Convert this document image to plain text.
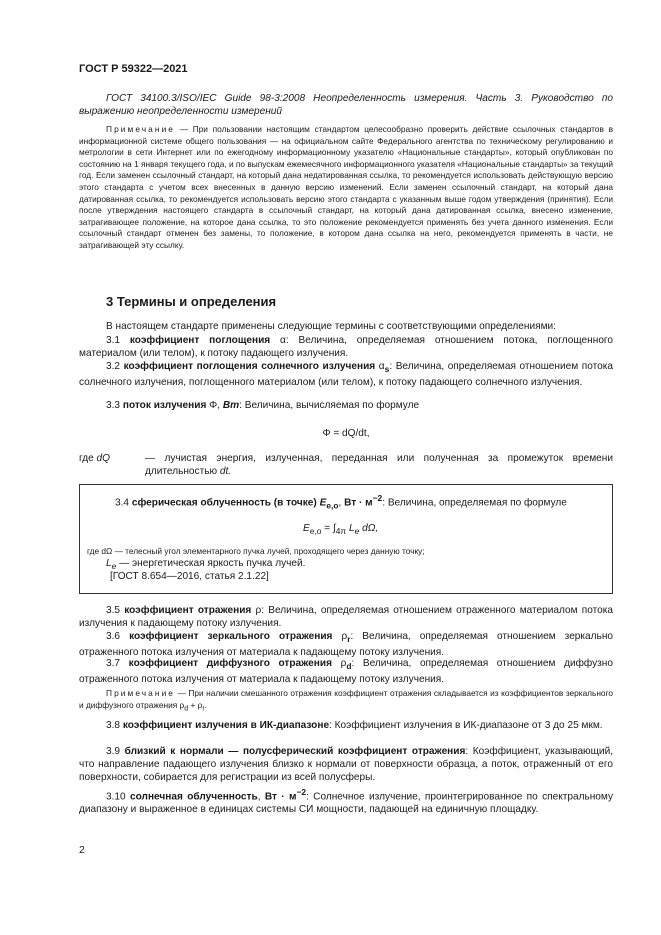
ГОСТ Р 59322—2021

ГОСТ 34100.3/ISO/IEC Guide 98-3:2008 Неопределенность измерения. Часть 3. Руководство по выражению неопределенности измерений

Примечание — При пользовании настоящим стандартом целесообразно проверить действие ссылочных стандартов в информационной системе общего пользования — на официальном сайте Федерального агентства по техническому регулированию и метрологии в сети Интернет или по ежегодному информационному указателю «Национальные стандарты», который опубликован по состоянию на 1 января текущего года, и по выпускам ежемесячного информационного указателя «Национальные стандарты» за текущий год. Если заменен ссылочный стандарт, на который дана недатированная ссылка, то рекомендуется использовать действующую версию этого стандарта с учетом всех внесенных в данную версию изменений. Если заменен ссылочный стандарт, на который дана датированная ссылка, то рекомендуется использовать версию этого стандарта с указанным выше годом утверждения (принятия). Если после утверждения настоящего стандарта в ссылочный стандарт, на который дана датированная ссылка, внесено изменение, затрагивающее положение, на которое дана ссылка, то это положение рекомендуется применять без учета данного изменения. Если ссылочный стандарт отменен без замены, то положение, в котором дана ссылка на него, рекомендуется применять в части, не затрагивающей эту ссылку.

3 Термины и определения

В настоящем стандарте применены следующие термины с соответствующими определениями:

3.1 коэффициент поглощения α: Величина, определяемая отношением потока, поглощенного материалом (или телом), к потоку падающего излучения.

3.2 коэффициент поглощения солнечного излучения $\alpha_s$: Величина, определяемая отношением потока солнечного излучения, поглощенного материалом (или телом), к потоку падающего солнечного излучения.

3.3 поток излучения Φ, Вт: Величина, вычисляемая по формуле

Φ = dQ/dt,
где dQ	— лучистая энергия, излученная, переданная или полученная за промежуток времени длительностью dt.

3.4 сферическая облученность (в точке) $E_{e,o}$, Вт · $м^{-2}$: Величина, определяемая по формуле

$E_{e,o} = \int_{4\pi}$ $L_e$ dΩ,
где dΩ — телесный угол элементарного пучка лучей, проходящего через данную точку;
$L_e$ — энергетическая яркость пучка лучей.
[ГОСТ 8.654—2016, статья 2.1.22]

3.5 коэффициент отражения ρ: Величина, определяемая отношением отраженного материалом потока излучения к падающему потоку излучения.

3.6 коэффициент зеркального отражения $\rho_r$: Величина, определяемая отношением зеркально отраженного потока излучения от материала к падающему потоку излучения.

3.7 коэффициент диффузного отражения $\rho_d$: Величина, определяемая отношением диффузно отраженного потока излучения от материала к падающему потоку излучения.

Примечание — При наличии смешанного отражения коэффициент отражения складывается из коэффициентов зеркального и диффузного отражения $\rho_d + \rho_r$.

3.8 коэффициент излучения в ИК-диапазоне: Коэффициент излучения в ИК-диапазоне от 3 до 25 мкм.

3.9 близкий к нормали — полусферический коэффициент отражения: Коэффициент, указывающий, что направление падающего излучения близко к нормали от поверхности образца, а поток, отраженный от его поверхности, собирается для регистрации из всей полусферы.

3.10 солнечная облученность, Вт · $м^{-2}$: Солнечное излучение, проинтегрированное по спектральному диапазону и выраженное в единицах системы СИ мощности, падающей на единичную площадку.

2
